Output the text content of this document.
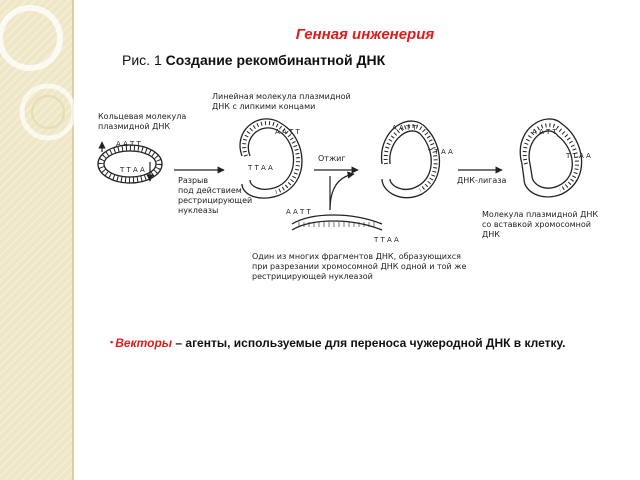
Генная инженерия
Рис. 1 Создание рекомбинантной ДНК
A A T T
T T A A
A A T T
T T A A
A A T T
T T A A
A A T T
T T A A
A A T T
T T A A
Кольцевая молекула
плазмидной ДНК
Линейная молекула плазмидной
ДНК с липкими концами
Разрыв
под действием
рестрицирующей
нуклеазы
Отжиг
ДНК-лигаза
Один из многих фрагментов ДНК, образующихся
при разрезании хромосомной ДНК одной и той же
рестрицирующей нуклеазой
Молекула плазмидной ДНК
со вставкой хромосомной
ДНК
▪ Векторы – агенты, используемые для переноса чужеродной ДНК в клетку.
